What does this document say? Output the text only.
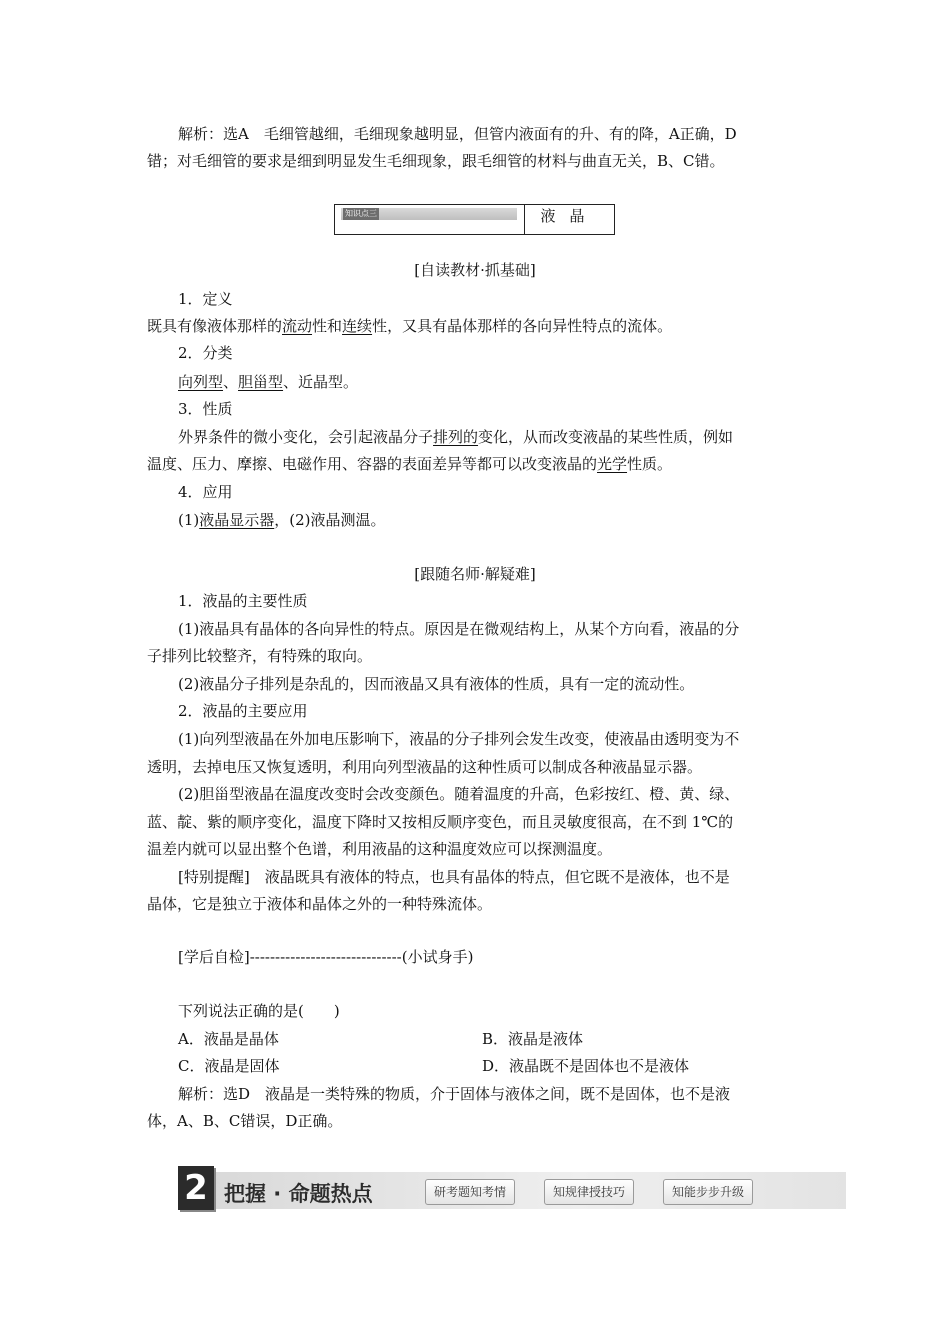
解析：选A　毛细管越细，毛细现象越明显，但管内液面有的升、有的降，A正确，D
错；对毛细管的要求是细到明显发生毛细现象，跟毛细管的材料与曲直无关，B、C错。
知识点三	液晶
[自读教材·抓基础]
1．定义
既具有像液体那样的流动性和连续性，又具有晶体那样的各向异性特点的流体。
2．分类
向列型、胆甾型、近晶型。
3．性质
外界条件的微小变化，会引起液晶分子排列的变化，从而改变液晶的某些性质，例如
温度、压力、摩擦、电磁作用、容器的表面差异等都可以改变液晶的光学性质。
4．应用
(1)液晶显示器，(2)液晶测温。
[跟随名师·解疑难]
1．液晶的主要性质
(1)液晶具有晶体的各向异性的特点。原因是在微观结构上，从某个方向看，液晶的分
子排列比较整齐，有特殊的取向。
(2)液晶分子排列是杂乱的，因而液晶又具有液体的性质，具有一定的流动性。
2．液晶的主要应用
(1)向列型液晶在外加电压影响下，液晶的分子排列会发生改变，使液晶由透明变为不
透明，去掉电压又恢复透明，利用向列型液晶的这种性质可以制成各种液晶显示器。
(2)胆甾型液晶在温度改变时会改变颜色。随着温度的升高，色彩按红、橙、黄、绿、
蓝、靛、紫的顺序变化，温度下降时又按相反顺序变色，而且灵敏度很高，在不到 1℃的
温差内就可以显出整个色谱，利用液晶的这种温度效应可以探测温度。
[特别提醒]　液晶既具有液体的特点，也具有晶体的特点，但它既不是液体，也不是
晶体，它是独立于液体和晶体之外的一种特殊流体。
[学后自检]------------------------------(小试身手)
下列说法正确的是(　　)
A．液晶是晶体	B．液晶是液体
C．液晶是固体	D．液晶既不是固体也不是液体
解析：选D　液晶是一类特殊的物质，介于固体与液体之间，既不是固体，也不是液
体，A、B、C错误，D正确。
2 把握 · 命题热点	研考题知考情	知规律授技巧	知能步步升级
